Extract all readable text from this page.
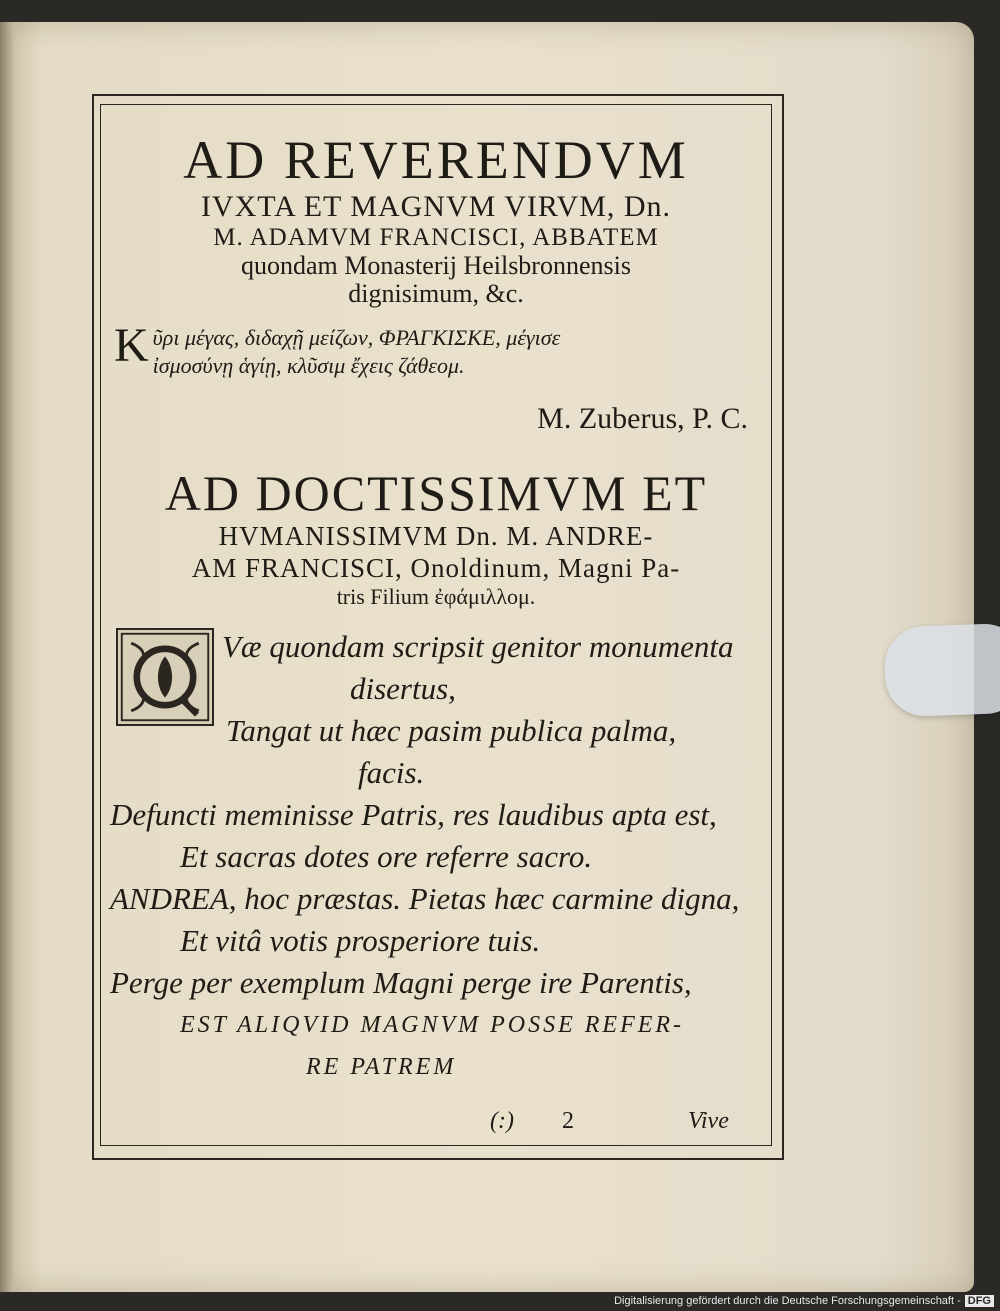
AD REVERENDVM

IVXTA ET MAGNVM VIRVM, Dn.

M. ADAMVM FRANCISCI, ABBATEM

quondam Monasterij Heilsbronnensis

dignisimum, &c.

K ῦρι μέγας, διδαχῇ μείζων, ΦΡΑΓΚΙΣΚΕ, μέγισε
ἰσμοσύνῃ ἁγίῃ, κλῦσιμ ἔχεις ζάθεομ.

M. Zuberus, P. C.

AD DOCTISSIMVM ET

HVMANISSIMVM Dn. M. ANDRE-

AM FRANCISCI, Onoldinum, Magni Pa-

tris Filium ἐφάμιλλομ.

Væ quondam scripsit genitor monumenta
disertus,
Tangat ut hæc pasim publica palma,
facis.
Defuncti meminisse Patris, res laudibus apta est,
Et sacras dotes ore referre sacro.
ANDREA, hoc præstas. Pietas hæc carmine digna,
Et vitâ votis prosperiore tuis.
Perge per exemplum Magni perge ire Parentis,
EST ALIQVID MAGNVM POSSE REFER-
RE PATREM
(:) 2	Vive
Digitalisierung gefördert durch die Deutsche Forschungsgemeinschaft - DFG
